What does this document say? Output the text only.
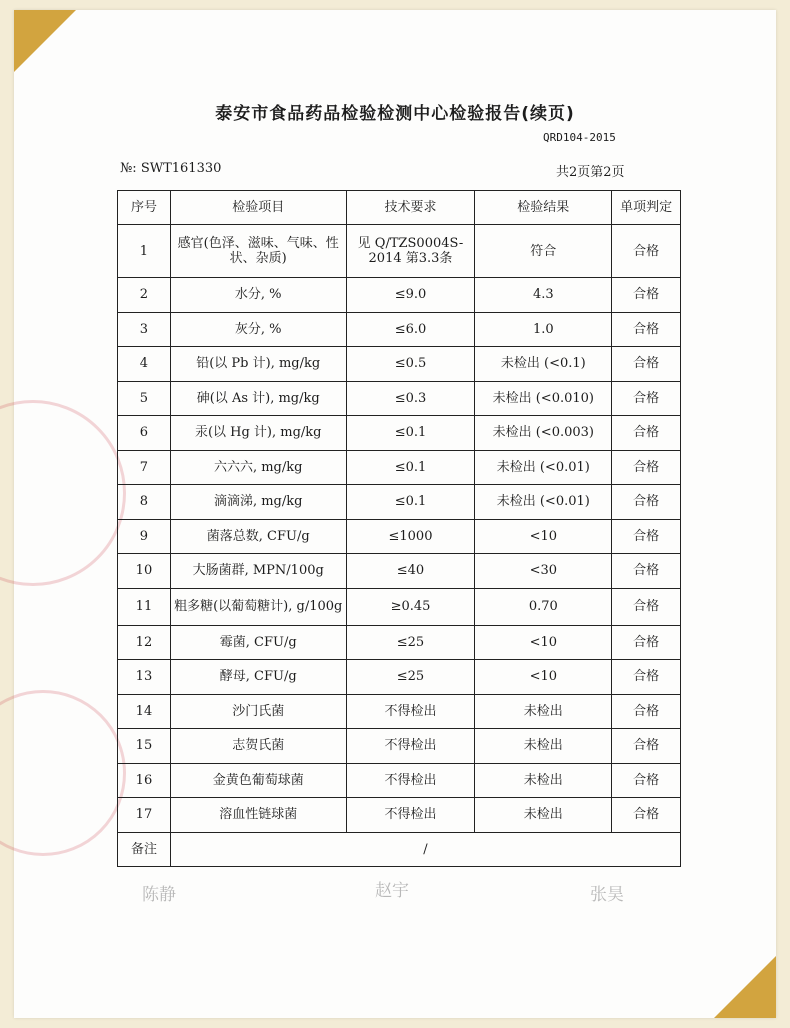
泰安市食品药品检验检测中心检验报告(续页)
QRD104-2015
№: SWT161330	共2页第2页
序号	检验项目	技术要求	检验结果	单项判定
1	感官(色泽、滋味、气味、性状、杂质)	见 Q/TZS0004S-2014 第3.3条	符合	合格
2	水分, %	≤9.0	4.3	合格
3	灰分, %	≤6.0	1.0	合格
4	铅(以 Pb 计), mg/kg	≤0.5	未检出 (<0.1)	合格
5	砷(以 As 计), mg/kg	≤0.3	未检出 (<0.010)	合格
6	汞(以 Hg 计), mg/kg	≤0.1	未检出 (<0.003)	合格
7	六六六, mg/kg	≤0.1	未检出 (<0.01)	合格
8	滴滴涕, mg/kg	≤0.1	未检出 (<0.01)	合格
9	菌落总数, CFU/g	≤1000	<10	合格
10	大肠菌群, MPN/100g	≤40	<30	合格
11	粗多糖(以葡萄糖计), g/100g	≥0.45	0.70	合格
12	霉菌, CFU/g	≤25	<10	合格
13	酵母, CFU/g	≤25	<10	合格
14	沙门氏菌	不得检出	未检出	合格
15	志贺氏菌	不得检出	未检出	合格
16	金黄色葡萄球菌	不得检出	未检出	合格
17	溶血性链球菌	不得检出	未检出	合格
备注	/			
陈静	赵宇	张昊
